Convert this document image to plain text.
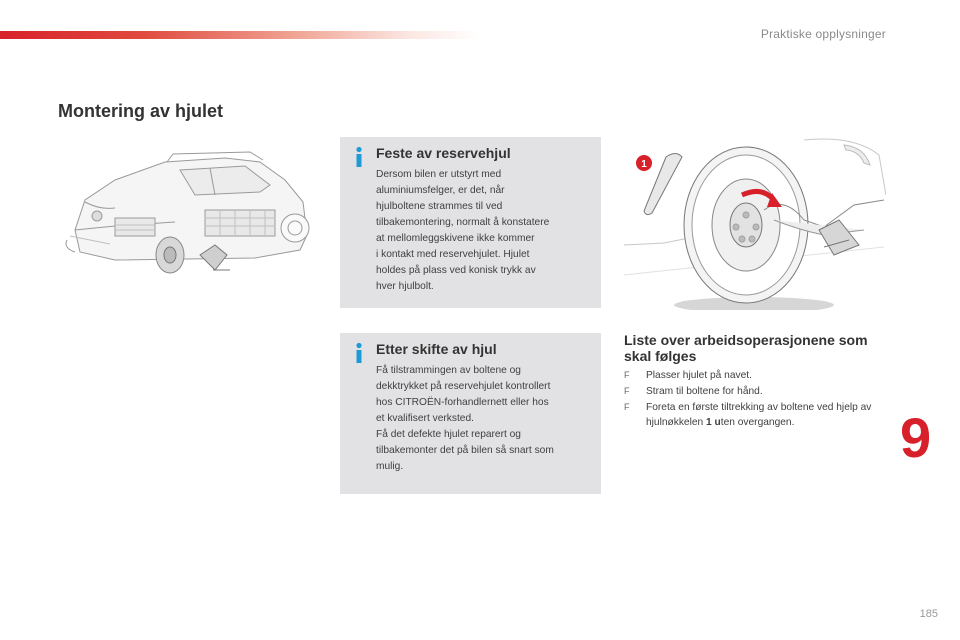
Praktiske opplysninger
Montering av hjulet
Feste av reservehjul
Dersom bilen er utstyrt med
aluminiumsfelger, er det, når
hjulboltene strammes til ved
tilbakemontering, normalt å konstatere
at mellomleggskivene ikke kommer
i kontakt med reservehjulet. Hjulet
holdes på plass ved konisk trykk av
hver hjulbolt.
Etter skifte av hjul
Få tilstrammingen av boltene og
dekktrykket på reservehjulet kontrollert
hos CITROËN-forhandlernett eller hos
et kvalifisert verksted.
Få det defekte hjulet reparert og
tilbakemonter det på bilen så snart som
mulig.
1
Liste over arbeidsoperasjonene som skal følges
F Plasser hjulet på navet.
F Stram til boltene for hånd.
F Foreta en første tiltrekking av boltene ved hjelp av hjulnøkkelen 1 uten overgangen.	9
185
